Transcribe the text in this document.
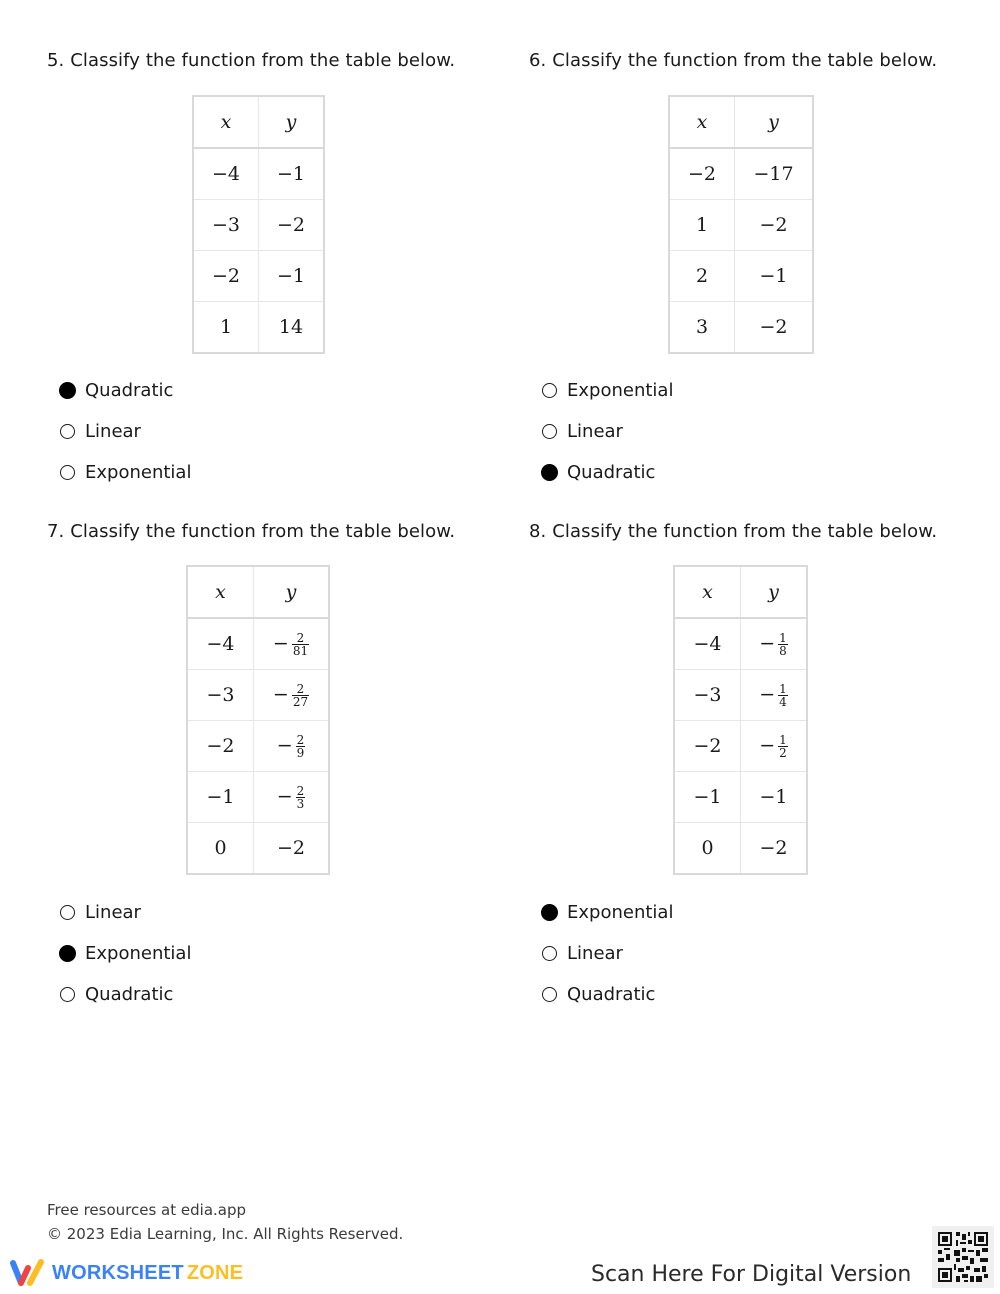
5. Classify the function from the table below.

x	y
−4	−1
−3	−2
−2	−1
1	14
Quadratic
Linear
Exponential

6. Classify the function from the table below.

x	y
−2	−17
1	−2
2	−1
3	−2
Exponential
Linear
Quadratic

7. Classify the function from the table below.

x	y
−4	− $\frac{2}{81}$

−3	− $\frac{2}{27}$

−2	− $\frac{2}{9}$

−1	− $\frac{2}{3}$

0	−2
Linear
Exponential
Quadratic

8. Classify the function from the table below.

x	y
−4	− $\frac{1}{8}$

−3	− $\frac{1}{4}$

−2	− $\frac{1}{2}$

−1	−1
0	−2
Exponential
Linear
Quadratic
Free resources at edia.app
© 2023 Edia Learning, Inc. All Rights Reserved.
WORKSHEET ZONE	Scan Here For Digital Version
